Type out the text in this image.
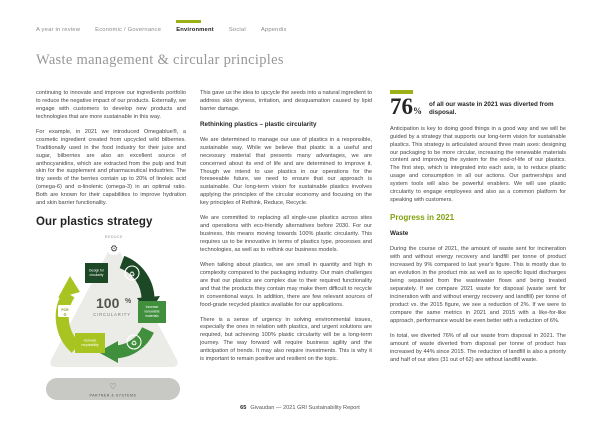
A year in review	Economic / Governance	Environment	Social	Appendix
Waste management & circular principles

continuing to innovate and improve our ingredients portfolio to reduce the negative impact of our products. Externally, we engage with customers to develop new products and technologies that are more sustainable in this way.

For example, in 2021 we introduced Omegablue®, a cosmetic ingredient created from upcycled wild bilberries. Traditionally used in the food industry for their juice and sugar, bilberries are also an excellent source of anthocyanidins, which are extracted from the pulp and fruit skin for the supplement and pharmaceutical industries. The tiny seeds of the berries contain up to 20% of linoleic acid (omega-6) and α-linolenic (omega-3) in an optimal ratio. Both are known for their capabilities to improve hydration and skin barrier functionality.

Our plastics strategy
REDUCE
⚙
♻
♻
PCR
♻
Design for
circularity
Increase
renewable
materials
Increase
recyclability
100 %
CIRCULARITY
♡
PARTNER & SYSTEMS

This gave us the idea to upcycle the seeds into a natural ingredient to address skin dryness, irritation, and desquamation caused by lipid barrier damage.

Rethinking plastics – plastic circularity

We are determined to manage our use of plastics in a responsible, sustainable way. While we believe that plastic is a useful and necessary material that presents many advantages, we are concerned about its end of life and are determined to improve it. Though we intend to use plastics in our operations for the foreseeable future, we need to ensure that our approach is sustainable. Our long-term vision for sustainable plastics involves applying the principles of the circular economy and focusing on the key principles of Rethink, Reduce, Recycle.

We are committed to replacing all single-use plastics across sites and operations with eco-friendly alternatives before 2030. For our business, this means moving towards 100% plastic circularity. This requires us to be innovative in terms of plastics type, processes and technologies, as well as to rethink our business models.

When talking about plastics, we are small in quantity and high in complexity compared to the packaging industry. Our main challenges are that our plastics are complex due to their required functionality and that the products they contain may make them difficult to recycle in conventional ways. In addition, there are few relevant sources of food-grade recycled plastics available for our applications.

There is a sense of urgency in solving environmental issues, especially the ones in relation with plastics, and urgent solutions are required, but achieving 100% plastic circularity will be a long-term journey. The way forward will require business agility and the anticipation of trends. It may also require investments. This is why it is important to remain positive and resilient on the topic.

76%
of all our waste in 2021 was diverted from disposal.

Anticipation is key to doing good things in a good way and we will be guided by a strategy that supports our long-term vision for sustainable plastics. This strategy is articulated around three main axes: designing our packaging to be more circular, increasing the renewable materials content and improving the system for the end-of-life of our plastics. The first step, which is integrated into each axis, is to reduce plastic usage and consumption in all our actions. Our partnerships and system tools will also be powerful enablers. We will use plastic circularity to engage employees and also as a common platform for speaking with customers.

Progress in 2021

Waste

During the course of 2021, the amount of waste sent for incineration with and without energy recovery and landfill per tonne of product increased by 9% compared to last year's figure. This is mostly due to an evolution in the product mix as well as to specific liquid discharges being separated from the wastewater flows and being treated separately. If we compare 2021 waste for disposal (waste sent for incineration with and without energy recovery and landfill) per tonne of product vs. the 2015 figure, we see a reduction of 2%. If we were to compare the same metrics in 2021 and 2015 with a like-for-like approach, performance would be even better with a reduction of 6%.

In total, we diverted 76% of all our waste from disposal in 2021. The amount of waste diverted from disposal per tonne of product has increased by 44% since 2015. The reduction of landfill is also a priority and half of our sites (31 out of 62) are without landfill waste.

65 Givaudan — 2021 GRI Sustainability Report
